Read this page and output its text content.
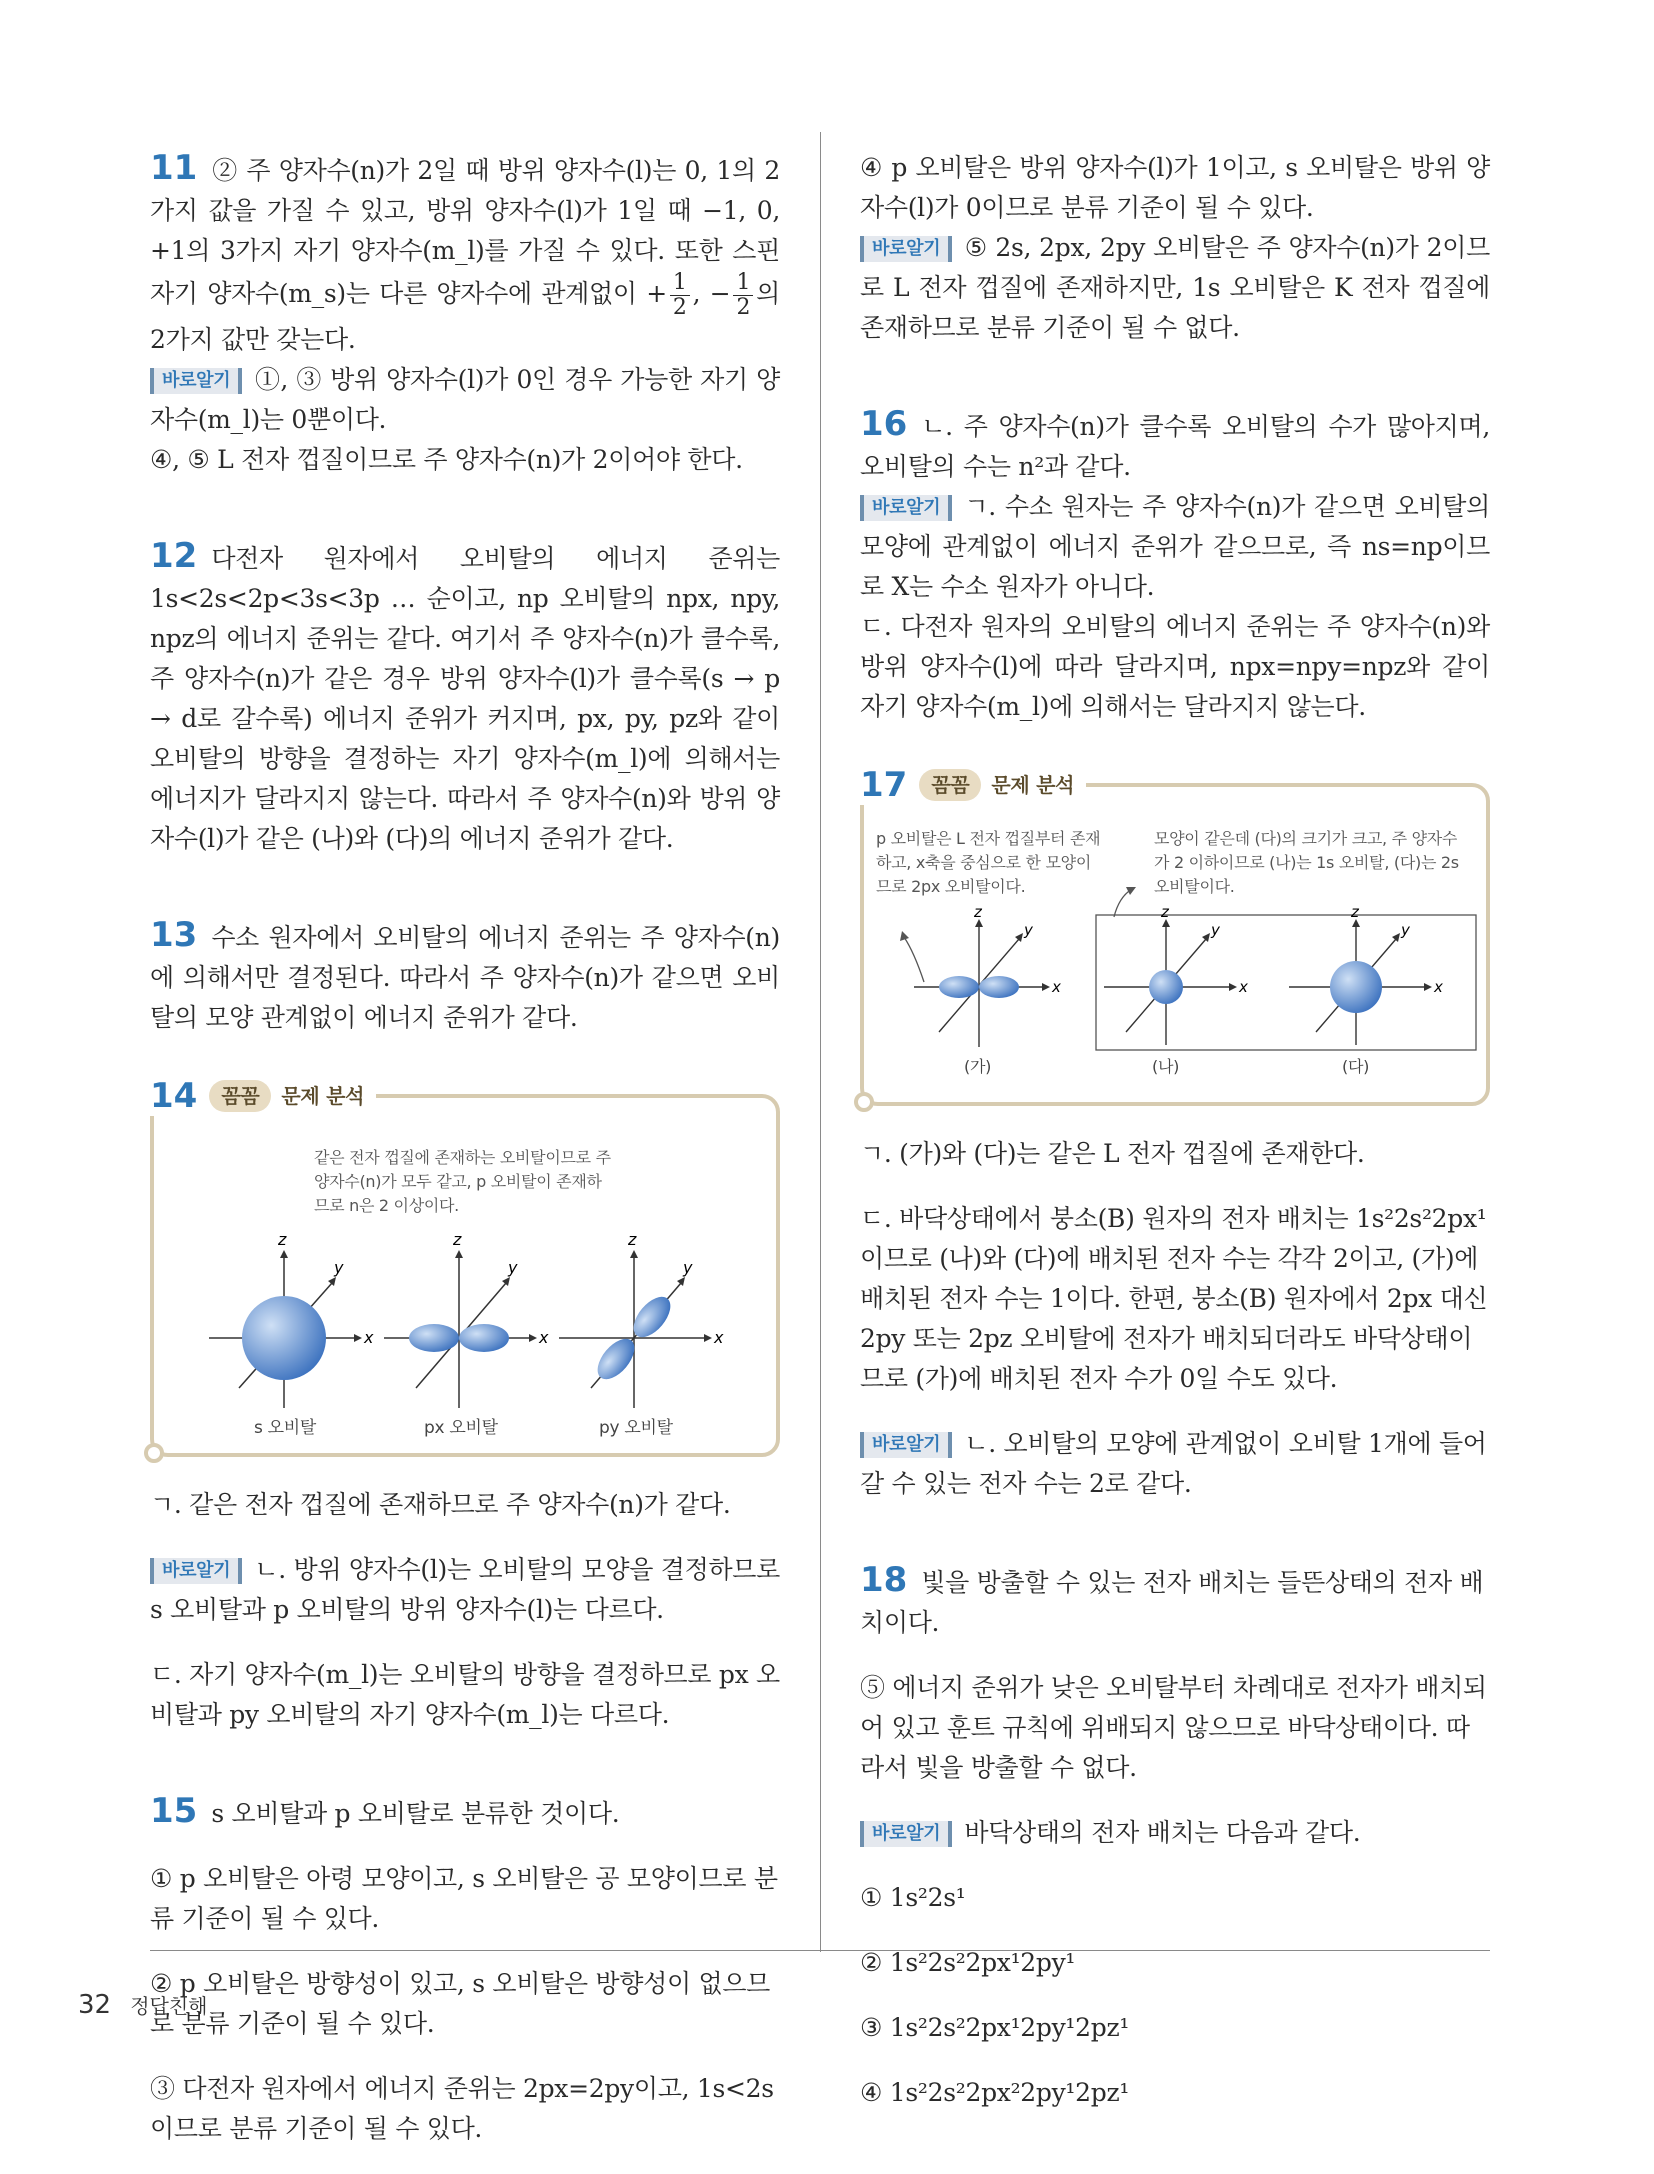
11 ② 주 양자수(n)가 2일 때 방위 양자수(l)는 0, 1의 2가지 값을 가질 수 있고, 방위 양자수(l)가 1일 때 −1, 0, +1의 3가지 자기 양자수(m_l)를 가질 수 있다. 또한 스핀 자기 양자수(m_s)는 다른 양자수에 관계없이 + $\frac{1}{2}$ , − $\frac{1}{2}$ 의 2가지 값만 갖는다.

바로알기 ①, ③ 방위 양자수(l)가 0인 경우 가능한 자기 양자수(m_l)는 0뿐이다.

④, ⑤ L 전자 껍질이므로 주 양자수(n)가 2이어야 한다.

12 다전자 원자에서 오비탈의 에너지 준위는 1s<2s<2p<3s<3p … 순이고, np 오비탈의 npx, npy, npz의 에너지 준위는 같다. 여기서 주 양자수(n)가 클수록, 주 양자수(n)가 같은 경우 방위 양자수(l)가 클수록(s → p → d로 갈수록) 에너지 준위가 커지며, px, py, pz와 같이 오비탈의 방향을 결정하는 자기 양자수(m_l)에 의해서는 에너지가 달라지지 않는다. 따라서 주 양자수(n)와 방위 양자수(l)가 같은 (나)와 (다)의 에너지 준위가 같다.

13 수소 원자에서 오비탈의 에너지 준위는 주 양자수(n)에 의해서만 결정된다. 따라서 주 양자수(n)가 같으면 오비탈의 모양 관계없이 에너지 준위가 같다.

14	꼼꼼	문제 분석
같은 전자 껍질에 존재하는 오비탈이므로 주 양자수(n)가 모두 같고, p 오비탈이 존재하므로 n은 2 이상이다.
z
y
x
s 오비탈
z
y
x
px 오비탈
z
y
x
py 오비탈

ㄱ. 같은 전자 껍질에 존재하므로 주 양자수(n)가 같다.

바로알기 ㄴ. 방위 양자수(l)는 오비탈의 모양을 결정하므로 s 오비탈과 p 오비탈의 방위 양자수(l)는 다르다.

ㄷ. 자기 양자수(m_l)는 오비탈의 방향을 결정하므로 px 오비탈과 py 오비탈의 자기 양자수(m_l)는 다르다.

15 s 오비탈과 p 오비탈로 분류한 것이다.

① p 오비탈은 아령 모양이고, s 오비탈은 공 모양이므로 분류 기준이 될 수 있다.

② p 오비탈은 방향성이 있고, s 오비탈은 방향성이 없으므로 분류 기준이 될 수 있다.

③ 다전자 원자에서 에너지 준위는 2px=2py이고, 1s<2s이므로 분류 기준이 될 수 있다.

④ p 오비탈은 방위 양자수(l)가 1이고, s 오비탈은 방위 양자수(l)가 0이므로 분류 기준이 될 수 있다.

바로알기 ⑤ 2s, 2px, 2py 오비탈은 주 양자수(n)가 2이므로 L 전자 껍질에 존재하지만, 1s 오비탈은 K 전자 껍질에 존재하므로 분류 기준이 될 수 없다.

16 ㄴ. 주 양자수(n)가 클수록 오비탈의 수가 많아지며, 오비탈의 수는 n²과 같다.

바로알기 ㄱ. 수소 원자는 주 양자수(n)가 같으면 오비탈의 모양에 관계없이 에너지 준위가 같으므로, 즉 ns=np이므로 X는 수소 원자가 아니다.

ㄷ. 다전자 원자의 오비탈의 에너지 준위는 주 양자수(n)와 방위 양자수(l)에 따라 달라지며, npx=npy=npz와 같이 자기 양자수(m_l)에 의해서는 달라지지 않는다.

17	꼼꼼	문제 분석
p 오비탈은 L 전자 껍질부터 존재하고, x축을 중심으로 한 모양이므로 2px 오비탈이다.
모양이 같은데 (다)의 크기가 크고, 주 양자수가 2 이하이므로 (나)는 1s 오비탈, (다)는 2s 오비탈이다.
z
y
x
(가)
z
y
x
(나)
z
y
x
(다)

ㄱ. (가)와 (다)는 같은 L 전자 껍질에 존재한다.

ㄷ. 바닥상태에서 붕소(B) 원자의 전자 배치는 1s²2s²2px¹이므로 (나)와 (다)에 배치된 전자 수는 각각 2이고, (가)에 배치된 전자 수는 1이다. 한편, 붕소(B) 원자에서 2px 대신 2py 또는 2pz 오비탈에 전자가 배치되더라도 바닥상태이므로 (가)에 배치된 전자 수가 0일 수도 있다.

바로알기 ㄴ. 오비탈의 모양에 관계없이 오비탈 1개에 들어갈 수 있는 전자 수는 2로 같다.

18 빛을 방출할 수 있는 전자 배치는 들뜬상태의 전자 배치이다.

⑤ 에너지 준위가 낮은 오비탈부터 차례대로 전자가 배치되어 있고 훈트 규칙에 위배되지 않으므로 바닥상태이다. 따라서 빛을 방출할 수 없다.

바로알기 바닥상태의 전자 배치는 다음과 같다.

① 1s²2s¹

② 1s²2s²2px¹2py¹

③ 1s²2s²2px¹2py¹2pz¹

④ 1s²2s²2px²2py¹2pz¹

32 정답친해
